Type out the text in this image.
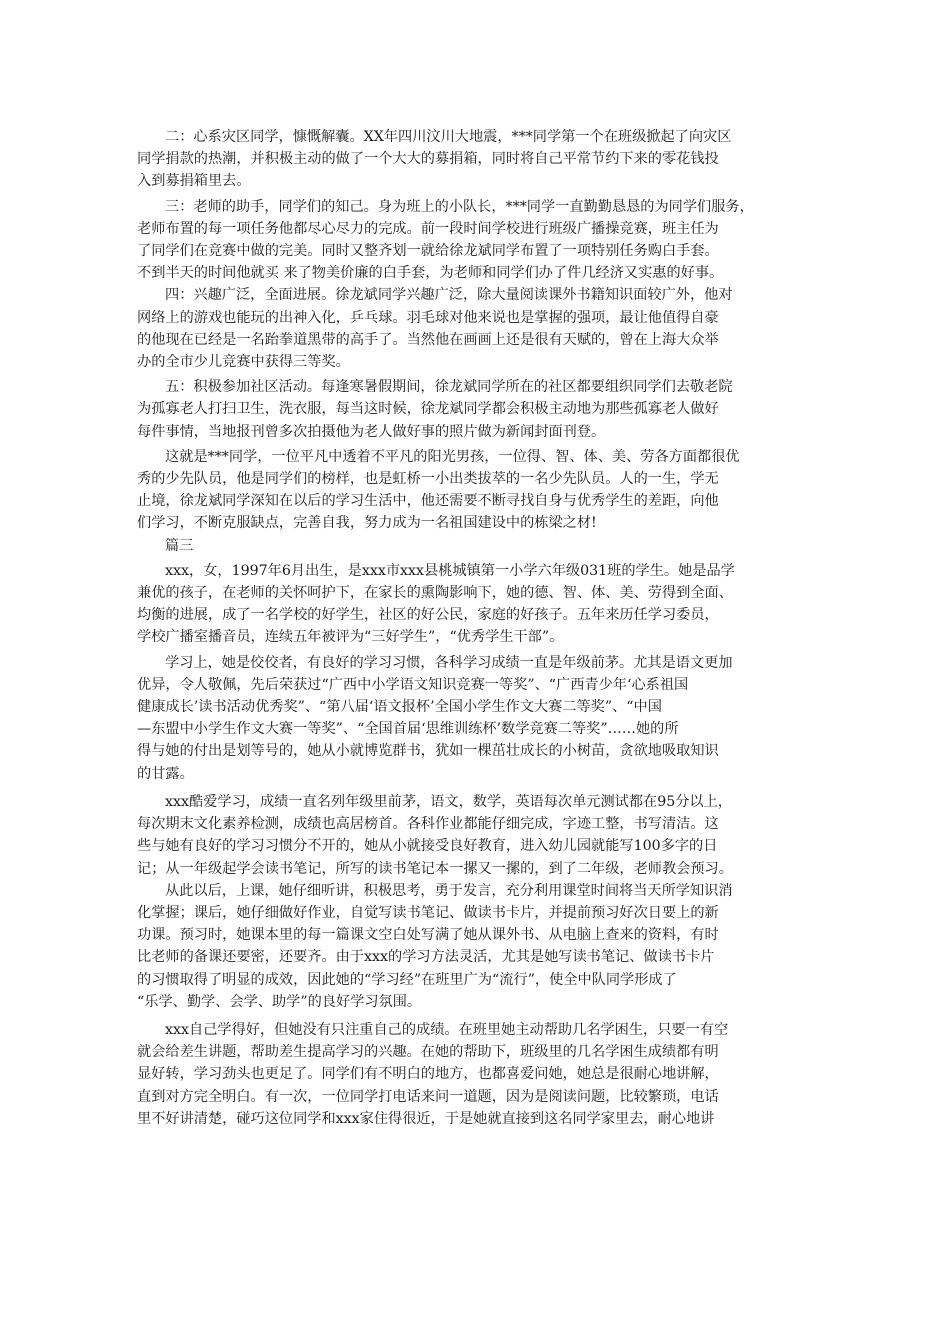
二：心系灾区同学，慷慨解囊。XX年四川汶川大地震，***同学第一个在班级掀起了向灾区
同学捐款的热潮，并积极主动的做了一个大大的募捐箱，同时将自己平常节约下来的零花钱投
入到募捐箱里去。

三：老师的助手，同学们的知己。身为班上的小队长，***同学一直勤勤恳恳的为同学们服务，
老师布置的每一项任务他都尽心尽力的完成。前一段时间学校进行班级广播操竞赛，班主任为
了同学们在竞赛中做的完美。同时又整齐划一就给徐龙斌同学布置了一项特别任务购白手套。
不到半天的时间他就买 来了物美价廉的白手套，为老师和同学们办了件几经济又实惠的好事。

四：兴趣广泛，全面进展。徐龙斌同学兴趣广泛，除大量阅读课外书籍知识面较广外，他对
网络上的游戏也能玩的出神入化，乒乓球。羽毛球对他来说也是掌握的强项，最让他值得自豪
的他现在已经是一名跆拳道黑带的高手了。当然他在画画上还是很有天赋的，曾在上海大众举
办的全市少儿竞赛中获得三等奖。

五：积极参加社区活动。每逢寒暑假期间，徐龙斌同学所在的社区都要组织同学们去敬老院
为孤寡老人打扫卫生，洗衣服，每当这时候，徐龙斌同学都会积极主动地为那些孤寡老人做好
每件事情，当地报刊曾多次拍摄他为老人做好事的照片做为新闻封面刊登。

这就是***同学，一位平凡中透着不平凡的阳光男孩，一位得、智、体、美、劳各方面都很优
秀的少先队员，他是同学们的榜样，也是虹桥一小出类拔萃的一名少先队员。人的一生，学无
止境，徐龙斌同学深知在以后的学习生活中，他还需要不断寻找自身与优秀学生的差距，向他
们学习，不断克服缺点，完善自我，努力成为一名祖国建设中的栋梁之材!

篇三

xxx，女，1997年6月出生，是xxx市xxx县桃城镇第一小学六年级031班的学生。她是品学
兼优的孩子，在老师的关怀呵护下，在家长的熏陶影响下，她的德、智、体、美、劳得到全面、
均衡的进展，成了一名学校的好学生，社区的好公民，家庭的好孩子。五年来历任学习委员，
学校广播室播音员，连续五年被评为“三好学生”，“优秀学生干部”。

学习上，她是佼佼者，有良好的学习习惯，各科学习成绩一直是年级前茅。尤其是语文更加
优异，令人敬佩，先后荣获过“广西中小学语文知识竞赛一等奖”、“广西青少年‘心系祖国
健康成长’读书活动优秀奖”、“第八届‘语文报杯’全国小学生作文大赛二等奖”、“中国
—东盟中小学生作文大赛一等奖”、“全国首届‘思维训练杯’数学竞赛二等奖”……她的所
得与她的付出是划等号的，她从小就博览群书，犹如一棵茁壮成长的小树苗，贪欲地吸取知识
的甘露。

xxx酷爱学习，成绩一直名列年级里前茅，语文，数学，英语每次单元测试都在95分以上，
每次期末文化素养检测，成绩也高居榜首。各科作业都能仔细完成，字迹工整，书写清洁。这
些与她有良好的学习习惯分不开的，她从小就接受良好教育，进入幼儿园就能写100多字的日
记；从一年级起学会读书笔记，所写的读书笔记本一摞又一摞的，到了二年级，老师教会预习。

从此以后，上课，她仔细听讲，积极思考，勇于发言，充分利用课堂时间将当天所学知识消
化掌握；课后，她仔细做好作业，自觉写读书笔记、做读书卡片，并提前预习好次日要上的新
功课。预习时，她课本里的每一篇课文空白处写满了她从课外书、从电脑上查来的资料，有时
比老师的备课还要密，还要齐。由于xxx的学习方法灵活，尤其是她写读书笔记、做读书卡片
的习惯取得了明显的成效，因此她的“学习经”在班里广为“流行”，使全中队同学形成了
“乐学、勤学、会学、助学”的良好学习氛围。

xxx自己学得好，但她没有只注重自己的成绩。在班里她主动帮助几名学困生，只要一有空
就会给差生讲题，帮助差生提高学习的兴趣。在她的帮助下，班级里的几名学困生成绩都有明
显好转，学习劲头也更足了。同学们有不明白的地方，也都喜爱问她，她总是很耐心地讲解，
直到对方完全明白。有一次，一位同学打电话来问一道题，因为是阅读问题，比较繁琐，电话
里不好讲清楚，碰巧这位同学和xxx家住得很近，于是她就直接到这名同学家里去，耐心地讲
